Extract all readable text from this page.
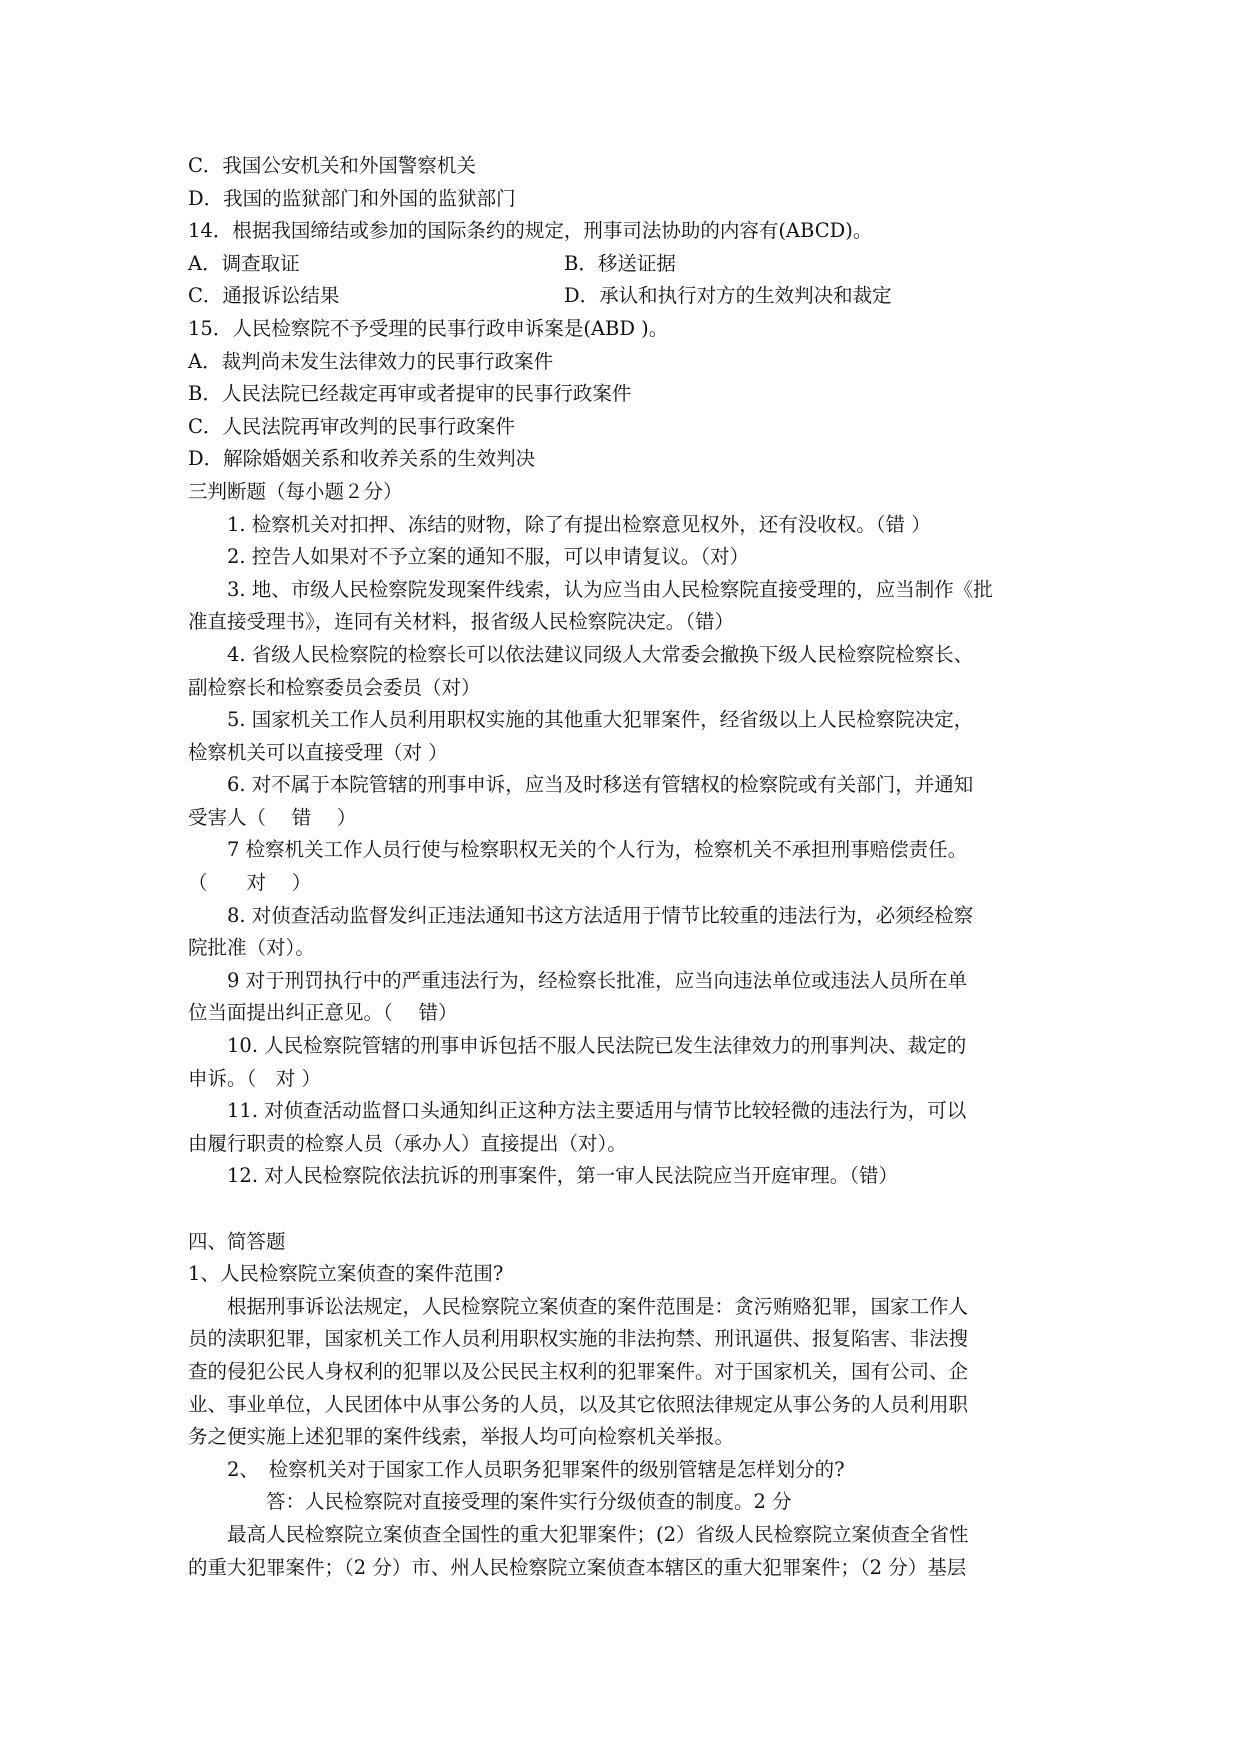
C．我国公安机关和外国警察机关
D．我国的监狱部门和外国的监狱部门
14．根据我国缔结或参加的国际条约的规定，刑事司法协助的内容有(ABCD)。
A．调查取证	B．移送证据
C．通报诉讼结果	D．承认和执行对方的生效判决和裁定
15．人民检察院不予受理的民事行政申诉案是(ABD )。
A．裁判尚未发生法律效力的民事行政案件
B．人民法院已经裁定再审或者提审的民事行政案件
C．人民法院再审改判的民事行政案件
D．解除婚姻关系和收养关系的生效判决
三判断题（每小题２分）
1. 检察机关对扣押、冻结的财物，除了有提出检察意见权外，还有没收权。（错 ）
2. 控告人如果对不予立案的通知不服，可以申请复议。（对）
3. 地、市级人民检察院发现案件线索，认为应当由人民检察院直接受理的，应当制作《批
准直接受理书》，连同有关材料，报省级人民检察院决定。（错）
4. 省级人民检察院的检察长可以依法建议同级人大常委会撤换下级人民检察院检察长、
副检察长和检察委员会委员（对）
5. 国家机关工作人员利用职权实施的其他重大犯罪案件，经省级以上人民检察院决定，
检察机关可以直接受理（对 ）
6. 对不属于本院管辖的刑事申诉，应当及时移送有管辖权的检察院或有关部门，并通知
受害人（　 错　 ）
7 检察机关工作人员行使与检察职权无关的个人行为，检察机关不承担刑事赔偿责任。
（　　对　 ）
8. 对侦查活动监督发纠正违法通知书这方法适用于情节比较重的违法行为，必须经检察
院批准（对）。
9 对于刑罚执行中的严重违法行为，经检察长批准，应当向违法单位或违法人员所在单
位当面提出纠正意见。（　 错）
10. 人民检察院管辖的刑事申诉包括不服人民法院已发生法律效力的刑事判决、裁定的
申诉。（　对 ）
11. 对侦查活动监督口头通知纠正这种方法主要适用与情节比较轻微的违法行为，可以
由履行职责的检察人员（承办人）直接提出（对）。
12. 对人民检察院依法抗诉的刑事案件，第一审人民法院应当开庭审理。（错）
四、简答题
1、人民检察院立案侦查的案件范围?
根据刑事诉讼法规定，人民检察院立案侦查的案件范围是：贪污贿赂犯罪，国家工作人
员的渎职犯罪，国家机关工作人员利用职权实施的非法拘禁、刑讯逼供、报复陷害、非法搜
查的侵犯公民人身权利的犯罪以及公民民主权利的犯罪案件。对于国家机关，国有公司、企
业、事业单位，人民团体中从事公务的人员，以及其它依照法律规定从事公务的人员利用职
务之便实施上述犯罪的案件线索，举报人均可向检察机关举报。
2、　检察机关对于国家工作人员职务犯罪案件的级别管辖是怎样划分的?
答：人民检察院对直接受理的案件实行分级侦查的制度。2 分
最高人民检察院立案侦查全国性的重大犯罪案件；(2）省级人民检察院立案侦查全省性
的重大犯罪案件；（2 分）市、州人民检察院立案侦查本辖区的重大犯罪案件；（2 分）基层
